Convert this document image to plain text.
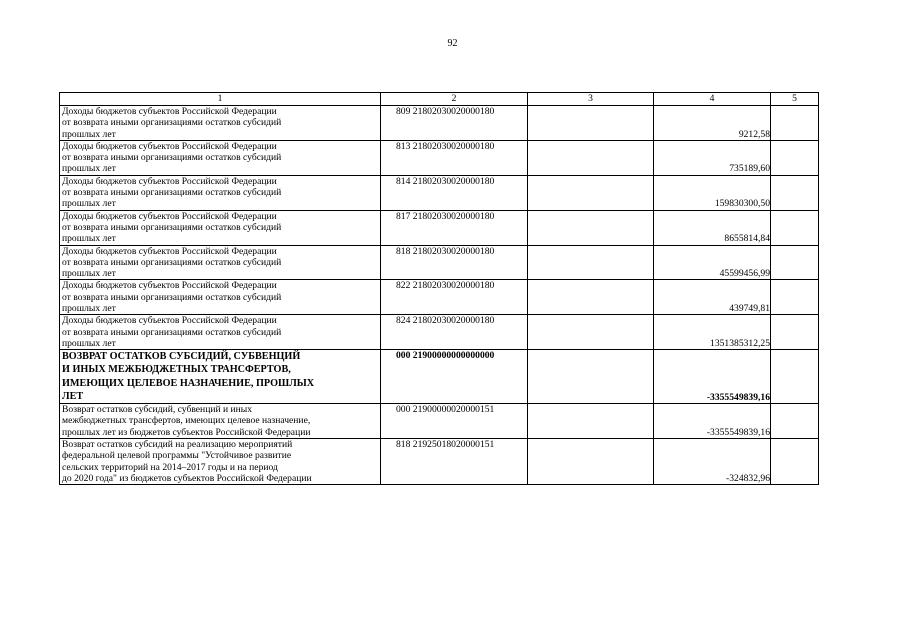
92
1	2	3	4	5
Доходы бюджетов субъектов Российской Федерации
от возврата иными организациями остатков субсидий
прошлых лет	809 21802030020000180		9212,58	
Доходы бюджетов субъектов Российской Федерации
от возврата иными организациями остатков субсидий
прошлых лет	813 21802030020000180		735189,60	
Доходы бюджетов субъектов Российской Федерации
от возврата иными организациями остатков субсидий
прошлых лет	814 21802030020000180		159830300,50	
Доходы бюджетов субъектов Российской Федерации
от возврата иными организациями остатков субсидий
прошлых лет	817 21802030020000180		8655814,84	
Доходы бюджетов субъектов Российской Федерации
от возврата иными организациями остатков субсидий
прошлых лет	818 21802030020000180		45599456,99	
Доходы бюджетов субъектов Российской Федерации
от возврата иными организациями остатков субсидий
прошлых лет	822 21802030020000180		439749,81	
Доходы бюджетов субъектов Российской Федерации
от возврата иными организациями остатков субсидий
прошлых лет	824 21802030020000180		1351385312,25	
ВОЗВРАТ ОСТАТКОВ СУБСИДИЙ, СУБВЕНЦИЙ
И ИНЫХ МЕЖБЮДЖЕТНЫХ ТРАНСФЕРТОВ,
ИМЕЮЩИХ ЦЕЛЕВОЕ НАЗНАЧЕНИЕ, ПРОШЛЫХ
ЛЕТ	000 21900000000000000		-3355549839,16	
Возврат остатков субсидий, субвенций и иных
межбюджетных трансфертов, имеющих целевое назначение,
прошлых лет из бюджетов субъектов Российской Федерации	000 21900000020000151		-3355549839,16	
Возврат остатков субсидий на реализацию мероприятий
федеральной целевой программы "Устойчивое развитие
сельских территорий на 2014–2017 годы и на период
до 2020 года" из бюджетов субъектов Российской Федерации	818 21925018020000151		-324832,96	
